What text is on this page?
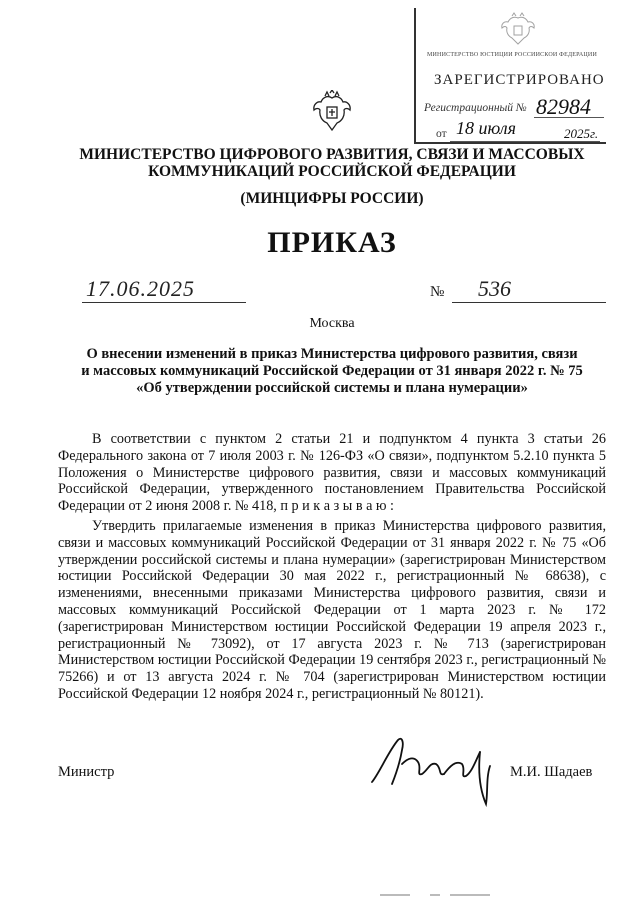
МИНИСТЕРСТВО ЮСТИЦИИ РОССИЙСКОЙ ФЕДЕРАЦИИ
ЗАРЕГИСТРИРОВАНО
Регистрационный № 82984
от 18 июля	2025г.
МИНИСТЕРСТВО ЦИФРОВОГО РАЗВИТИЯ, СВЯЗИ И МАССОВЫХ
КОММУНИКАЦИЙ РОССИЙСКОЙ ФЕДЕРАЦИИ
(МИНЦИФРЫ РОССИИ)
ПРИКАЗ
17.06.2025	№ 536
Москва
О внесении изменений в приказ Министерства цифрового развития, связи
и массовых коммуникаций Российской Федерации от 31 января 2022 г. № 75
«Об утверждении российской системы и плана нумерации»
В соответствии с пунктом 2 статьи 21 и подпунктом 4 пункта 3 статьи 26 Федерального закона от 7 июля 2003 г. № 126-ФЗ «О связи», подпунктом 5.2.10 пункта 5 Положения о Министерстве цифрового развития, связи и массовых коммуникаций Российской Федерации, утвержденного постановлением Правительства Российской Федерации от 2 июня 2008 г. № 418, п р и к а з ы в а ю :
Утвердить прилагаемые изменения в приказ Министерства цифрового развития, связи и массовых коммуникаций Российской Федерации от 31 января 2022 г. № 75 «Об утверждении российской системы и плана нумерации» (зарегистрирован Министерством юстиции Российской Федерации 30 мая 2022 г., регистрационный № 68638), с изменениями, внесенными приказами Министерства цифрового развития, связи и массовых коммуникаций Российской Федерации от 1 марта 2023 г. № 172 (зарегистрирован Министерством юстиции Российской Федерации 19 апреля 2023 г., регистрационный № 73092), от 17 августа 2023 г. № 713 (зарегистрирован Министерством юстиции Российской Федерации 19 сентября 2023 г., регистрационный № 75266) и от 13 августа 2024 г. № 704 (зарегистрирован Министерством юстиции Российской Федерации 12 ноября 2024 г., регистрационный № 80121).
Министр	М.И. Шадаев
